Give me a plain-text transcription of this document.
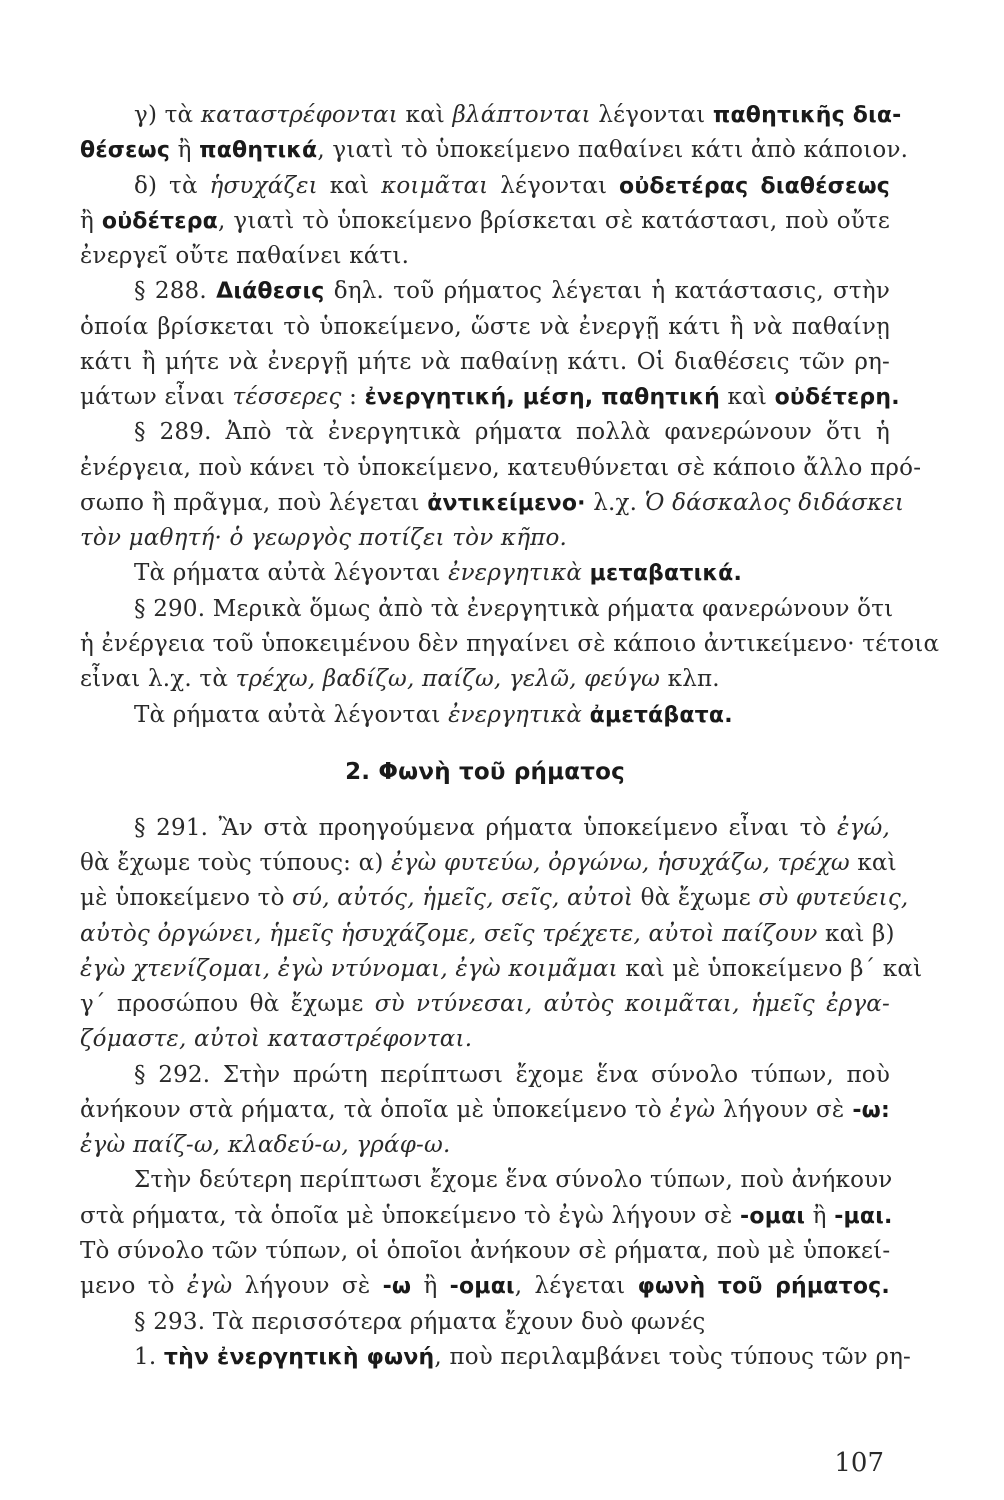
γ) τὰ καταστρέφονται καὶ βλάπτονται λέγονται παθητικῆς δια-
θέσεως ἢ παθητικά, γιατὶ τὸ ὑποκείμενο παθαίνει κάτι ἀπὸ κάποιον.
δ) τὰ ἡσυχάζει καὶ κοιμᾶται λέγονται οὐδετέρας διαθέσεως
ἢ οὐδέτερα, γιατὶ τὸ ὑποκείμενο βρίσκεται σὲ κατάστασι, ποὺ οὔτε
ἐνεργεῖ οὔτε παθαίνει κάτι.
§ 288. Διάθεσις δηλ. τοῦ ρήματος λέγεται ἡ κατάστασις, στὴν
ὁποία βρίσκεται τὸ ὑποκείμενο, ὥστε νὰ ἐνεργῇ κάτι ἢ νὰ παθαίνῃ
κάτι ἢ μήτε νὰ ἐνεργῇ μήτε νὰ παθαίνῃ κάτι. Οἱ διαθέσεις τῶν ρη-
μάτων εἶναι τέσσερες : ἐνεργητική, μέση, παθητική καὶ οὐδέτερη.
§ 289. Ἀπὸ τὰ ἐνεργητικὰ ρήματα πολλὰ φανερώνουν ὅτι ἡ
ἐνέργεια, ποὺ κάνει τὸ ὑποκείμενο, κατευθύνεται σὲ κάποιο ἄλλο πρό-
σωπο ἢ πρᾶγμα, ποὺ λέγεται ἀντικείμενο· λ.χ. Ὁ δάσκαλος διδάσκει
τὸν μαθητή· ὁ γεωργὸς ποτίζει τὸν κῆπο.
Τὰ ρήματα αὐτὰ λέγονται ἐνεργητικὰ μεταβατικά.
§ 290. Μερικὰ ὅμως ἀπὸ τὰ ἐνεργητικὰ ρήματα φανερώνουν ὅτι
ἡ ἐνέργεια τοῦ ὑποκειμένου δὲν πηγαίνει σὲ κάποιο ἀντικείμενο· τέτοια
εἶναι λ.χ. τὰ τρέχω, βαδίζω, παίζω, γελῶ, φεύγω κλπ.
Τὰ ρήματα αὐτὰ λέγονται ἐνεργητικὰ ἀμετάβατα.
2. Φωνὴ τοῦ ρήματος
§ 291. Ἂν στὰ προηγούμενα ρήματα ὑποκείμενο εἶναι τὸ ἐγώ,
θὰ ἔχωμε τοὺς τύπους: α) ἐγὼ φυτεύω, ὀργώνω, ἡσυχάζω, τρέχω καὶ
μὲ ὑποκείμενο τὸ σύ, αὐτός, ἡμεῖς, σεῖς, αὐτοὶ θὰ ἔχωμε σὺ φυτεύεις,
αὐτὸς ὀργώνει, ἡμεῖς ἡσυχάζομε, σεῖς τρέχετε, αὐτοὶ παίζουν καὶ β)
ἐγὼ χτενίζομαι, ἐγὼ ντύνομαι, ἐγὼ κοιμᾶμαι καὶ μὲ ὑποκείμενο β΄ καὶ
γ΄ προσώπου θὰ ἔχωμε σὺ ντύνεσαι, αὐτὸς κοιμᾶται, ἡμεῖς ἐργα-
ζόμαστε, αὐτοὶ καταστρέφονται.
§ 292. Στὴν πρώτη περίπτωσι ἔχομε ἕνα σύνολο τύπων, ποὺ
ἀνήκουν στὰ ρήματα, τὰ ὁποῖα μὲ ὑποκείμενο τὸ ἐγὼ λήγουν σὲ -ω:
ἐγὼ παίζ-ω, κλαδεύ-ω, γράφ-ω.
Στὴν δεύτερη περίπτωσι ἔχομε ἕνα σύνολο τύπων, ποὺ ἀνήκουν
στὰ ρήματα, τὰ ὁποῖα μὲ ὑποκείμενο τὸ ἐγὼ λήγουν σὲ -ομαι ἢ -μαι.
Τὸ σύνολο τῶν τύπων, οἱ ὁποῖοι ἀνήκουν σὲ ρήματα, ποὺ μὲ ὑποκεί-
μενο τὸ ἐγὼ λήγουν σὲ -ω ἢ -ομαι, λέγεται φωνὴ τοῦ ρήματος.
§ 293. Τὰ περισσότερα ρήματα ἔχουν δυὸ φωνές
1. τὴν ἐνεργητικὴ φωνή, ποὺ περιλαμβάνει τοὺς τύπους τῶν ρη-
107
